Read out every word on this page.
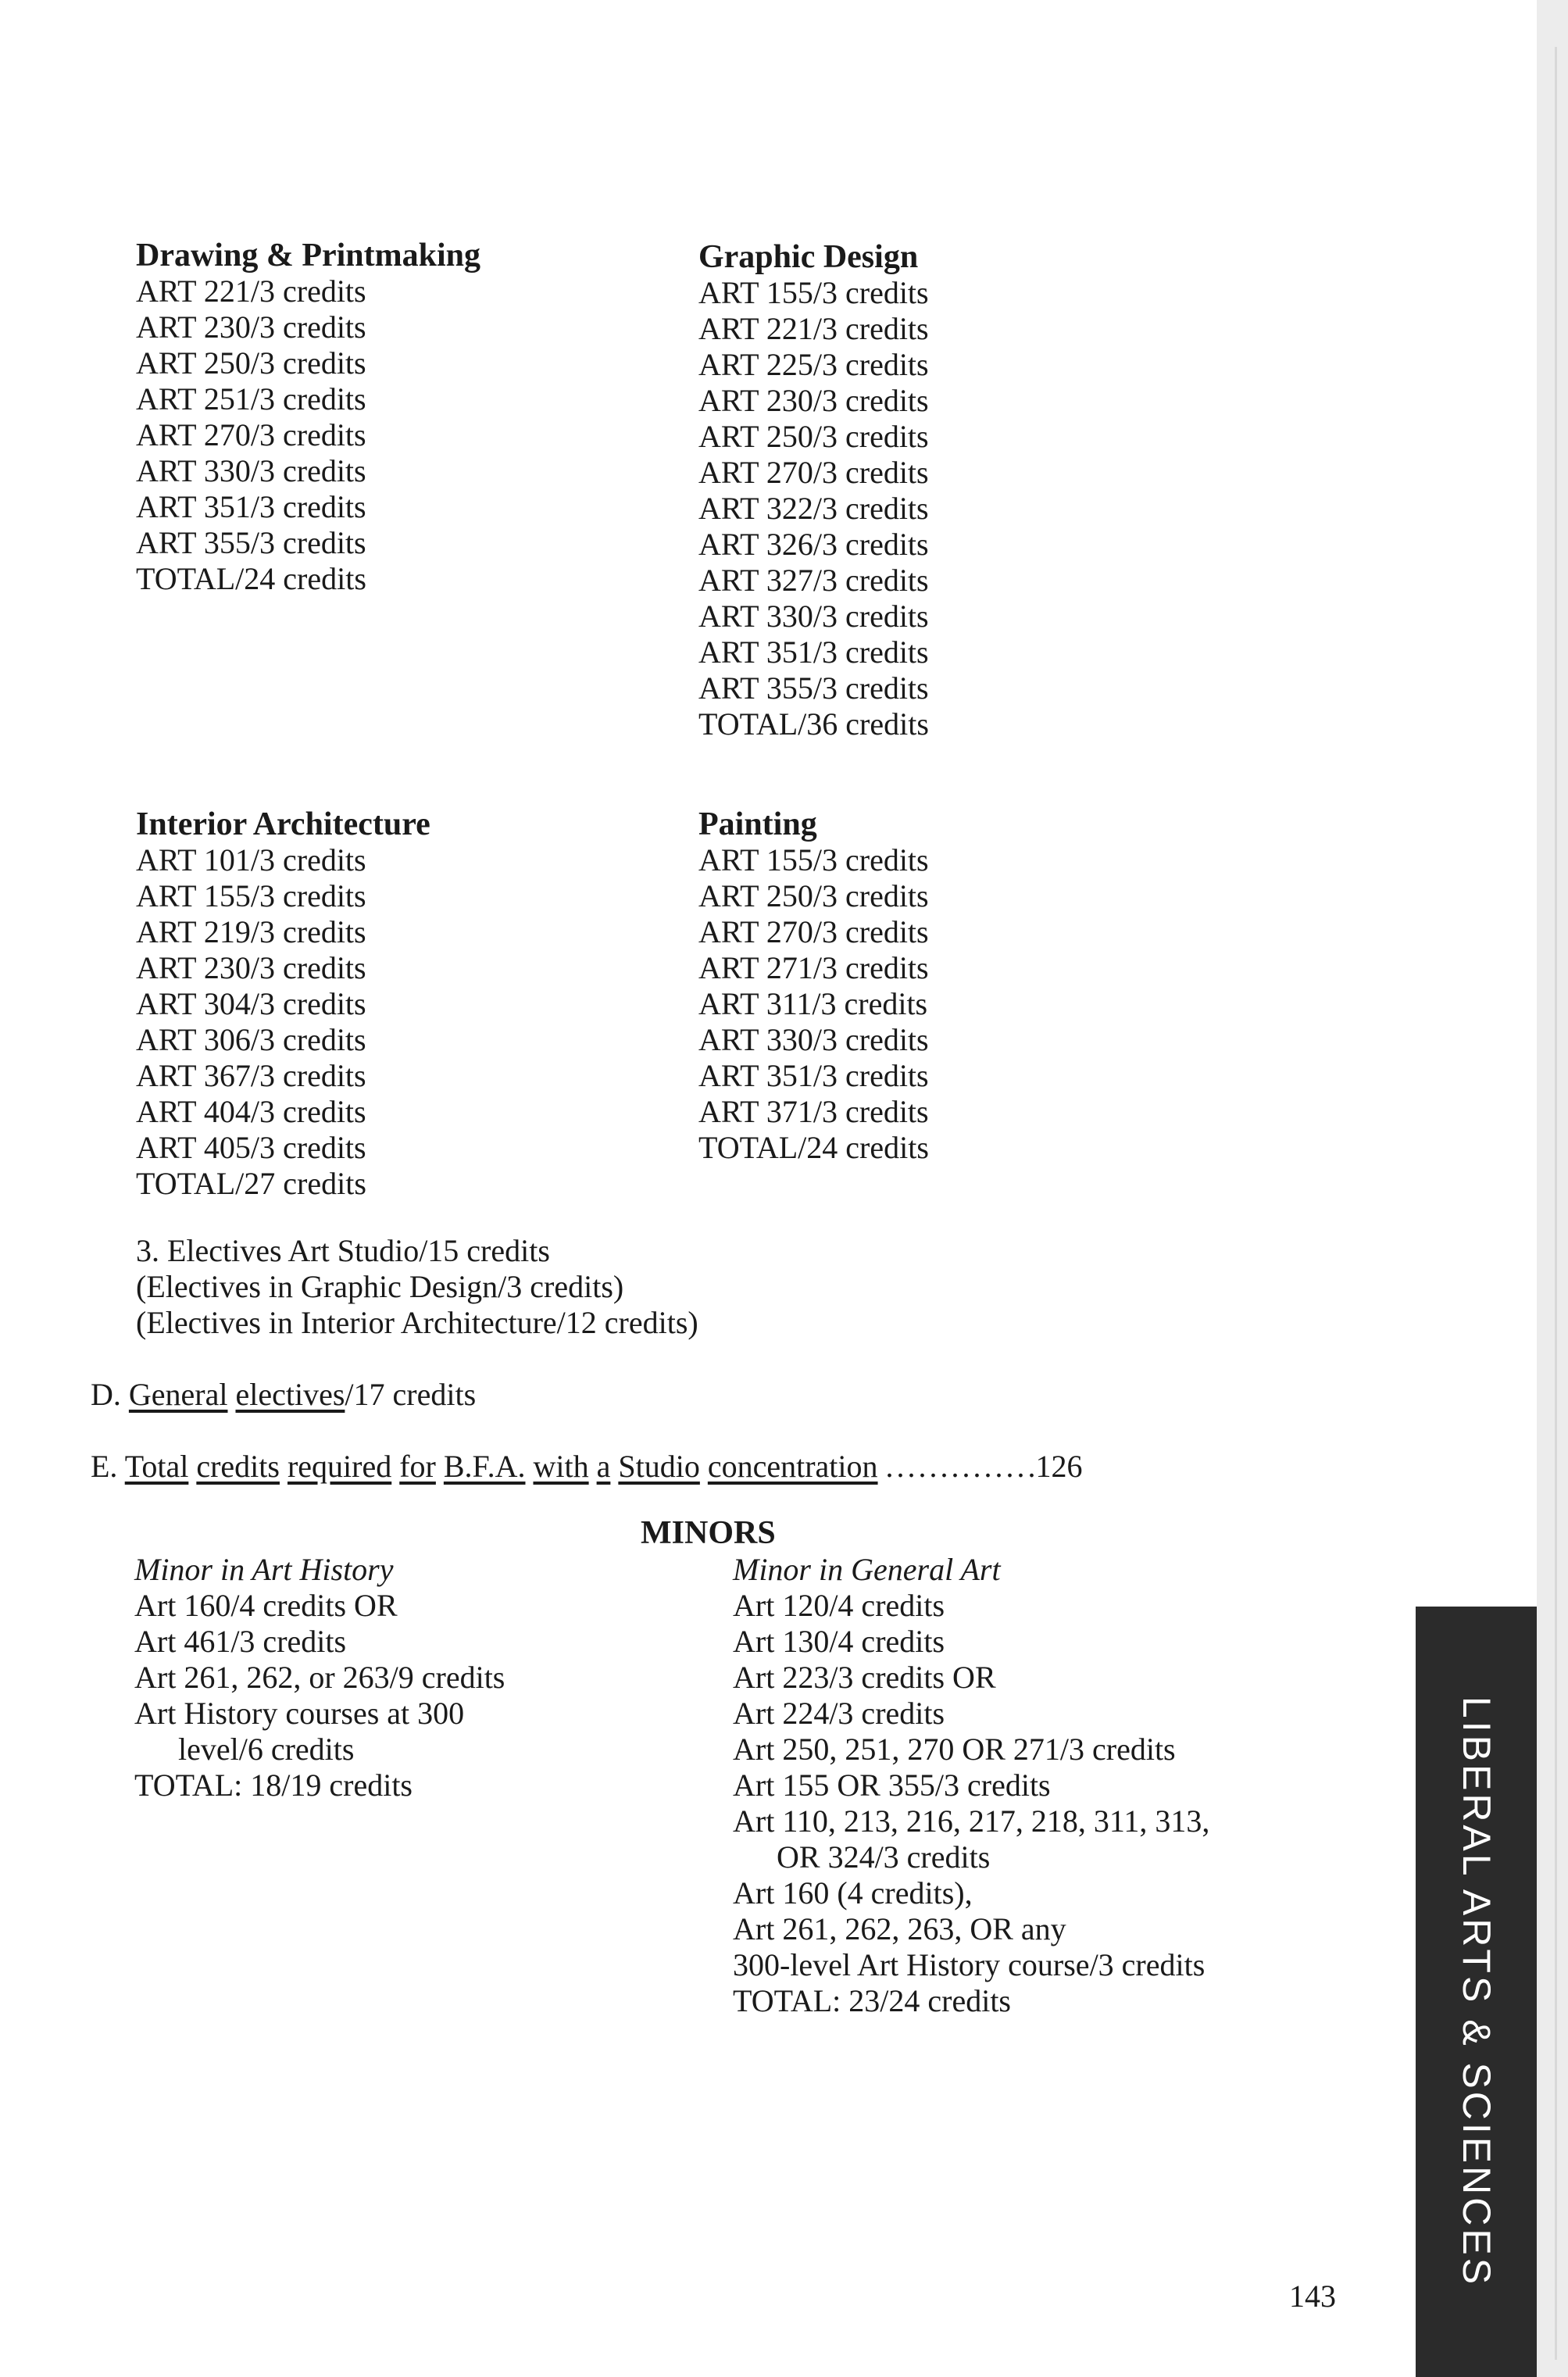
Drawing & Printmaking
ART 221/3 credits
ART 230/3 credits
ART 250/3 credits
ART 251/3 credits
ART 270/3 credits
ART 330/3 credits
ART 351/3 credits
ART 355/3 credits
TOTAL/24 credits
Graphic Design
ART 155/3 credits
ART 221/3 credits
ART 225/3 credits
ART 230/3 credits
ART 250/3 credits
ART 270/3 credits
ART 322/3 credits
ART 326/3 credits
ART 327/3 credits
ART 330/3 credits
ART 351/3 credits
ART 355/3 credits
TOTAL/36 credits
Interior Architecture
ART 101/3 credits
ART 155/3 credits
ART 219/3 credits
ART 230/3 credits
ART 304/3 credits
ART 306/3 credits
ART 367/3 credits
ART 404/3 credits
ART 405/3 credits
TOTAL/27 credits
Painting
ART 155/3 credits
ART 250/3 credits
ART 270/3 credits
ART 271/3 credits
ART 311/3 credits
ART 330/3 credits
ART 351/3 credits
ART 371/3 credits
TOTAL/24 credits
3. Electives Art Studio/15 credits
(Electives in Graphic Design/3 credits)
(Electives in Interior Architecture/12 credits)
D. General electives/17 credits
E. Total credits required for B.F.A. with a Studio concentration ..............126
MINORS
Minor in Art History
Art 160/4 credits OR
Art 461/3 credits
Art 261, 262, or 263/9 credits
Art History courses at 300
level/6 credits
TOTAL: 18/19 credits
Minor in General Art
Art 120/4 credits
Art 130/4 credits
Art 223/3 credits OR
Art 224/3 credits
Art 250, 251, 270 OR 271/3 credits
Art 155 OR 355/3 credits
Art 110, 213, 216, 217, 218, 311, 313,
OR 324/3 credits
Art 160 (4 credits),
Art 261, 262, 263, OR any
300-level Art History course/3 credits
TOTAL: 23/24 credits	LIBERAL ARTS & SCIENCES
143
